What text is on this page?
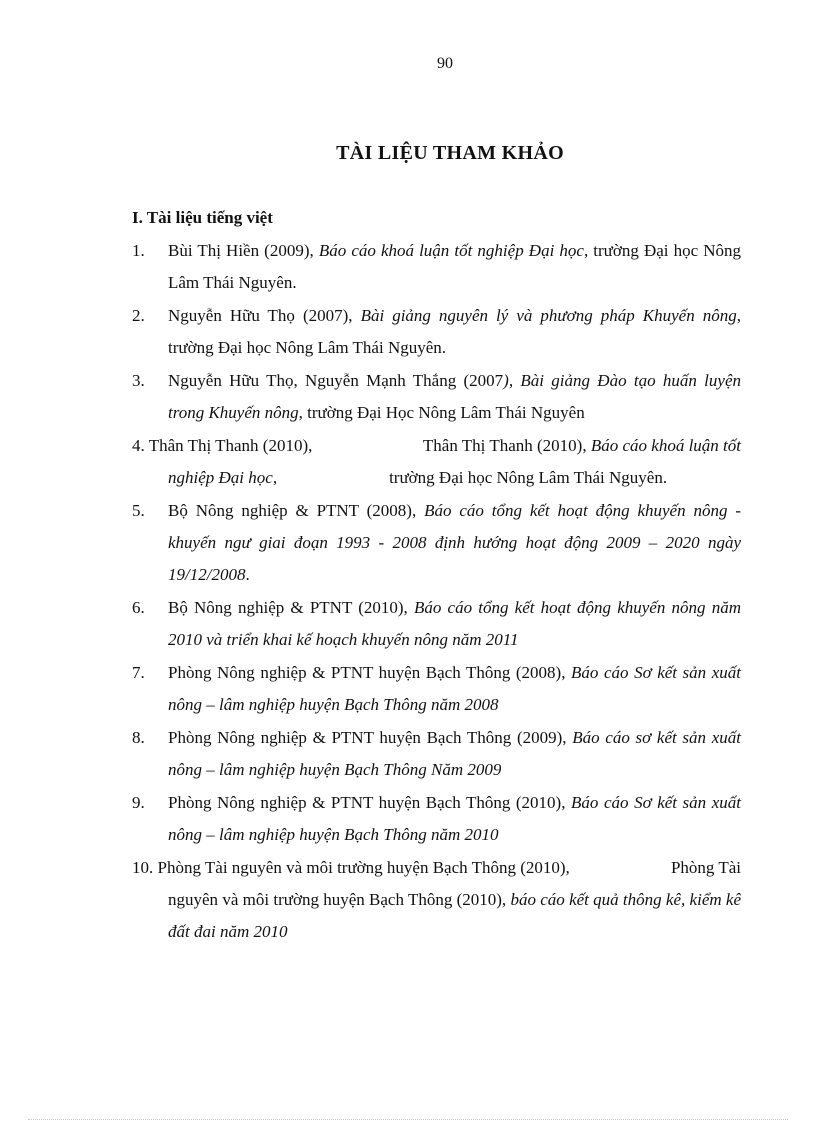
90
TÀI LIỆU THAM KHẢO
I. Tài liệu tiếng việt
1.	Bùi Thị Hiền (2009), Báo cáo khoá luận tốt nghiệp Đại học, trường Đại học Nông Lâm Thái Nguyên.
2.	Nguyễn Hữu Thọ (2007), Bài giảng nguyên lý và phương pháp Khuyến nông, trường Đại học Nông Lâm Thái Nguyên.
3.	Nguyễn Hữu Thọ, Nguyễn Mạnh Thắng (2007), Bài giảng Đào tạo huấn luyện trong Khuyến nông, trường Đại Học Nông Lâm Thái Nguyên
4. Thân Thị Thanh (2010),	Thân Thị Thanh (2010), Báo cáo khoá luận tốt
nghiệp Đại học ,	trường Đại học Nông Lâm Thái Nguyên.
5.	Bộ Nông nghiệp & PTNT (2008), Báo cáo tổng kết hoạt động khuyến nông - khuyến ngư giai đoạn 1993 - 2008 định hướng hoạt động 2009 – 2020 ngày 19/12/2008.
6.	Bộ Nông nghiệp & PTNT (2010), Báo cáo tổng kết hoạt động khuyến nông năm 2010 và triển khai kế hoạch khuyến nông năm 2011
7.	Phòng Nông nghiệp & PTNT huyện Bạch Thông (2008), Báo cáo Sơ kết sản xuất nông – lâm nghiệp huyện Bạch Thông năm 2008
8.	Phòng Nông nghiệp & PTNT huyện Bạch Thông (2009), Báo cáo sơ kết sản xuất nông – lâm nghiệp huyện Bạch Thông Năm 2009
9.	Phòng Nông nghiệp & PTNT huyện Bạch Thông (2010), Báo cáo Sơ kết sản xuất nông – lâm nghiệp huyện Bạch Thông năm 2010
10. Phòng Tài nguyên và môi trường huyện Bạch Thông (2010),	Phòng Tài
nguyên và môi trường huyện Bạch Thông (2010), báo cáo kết quả thông kê, kiểm kê đất đai năm 2010
